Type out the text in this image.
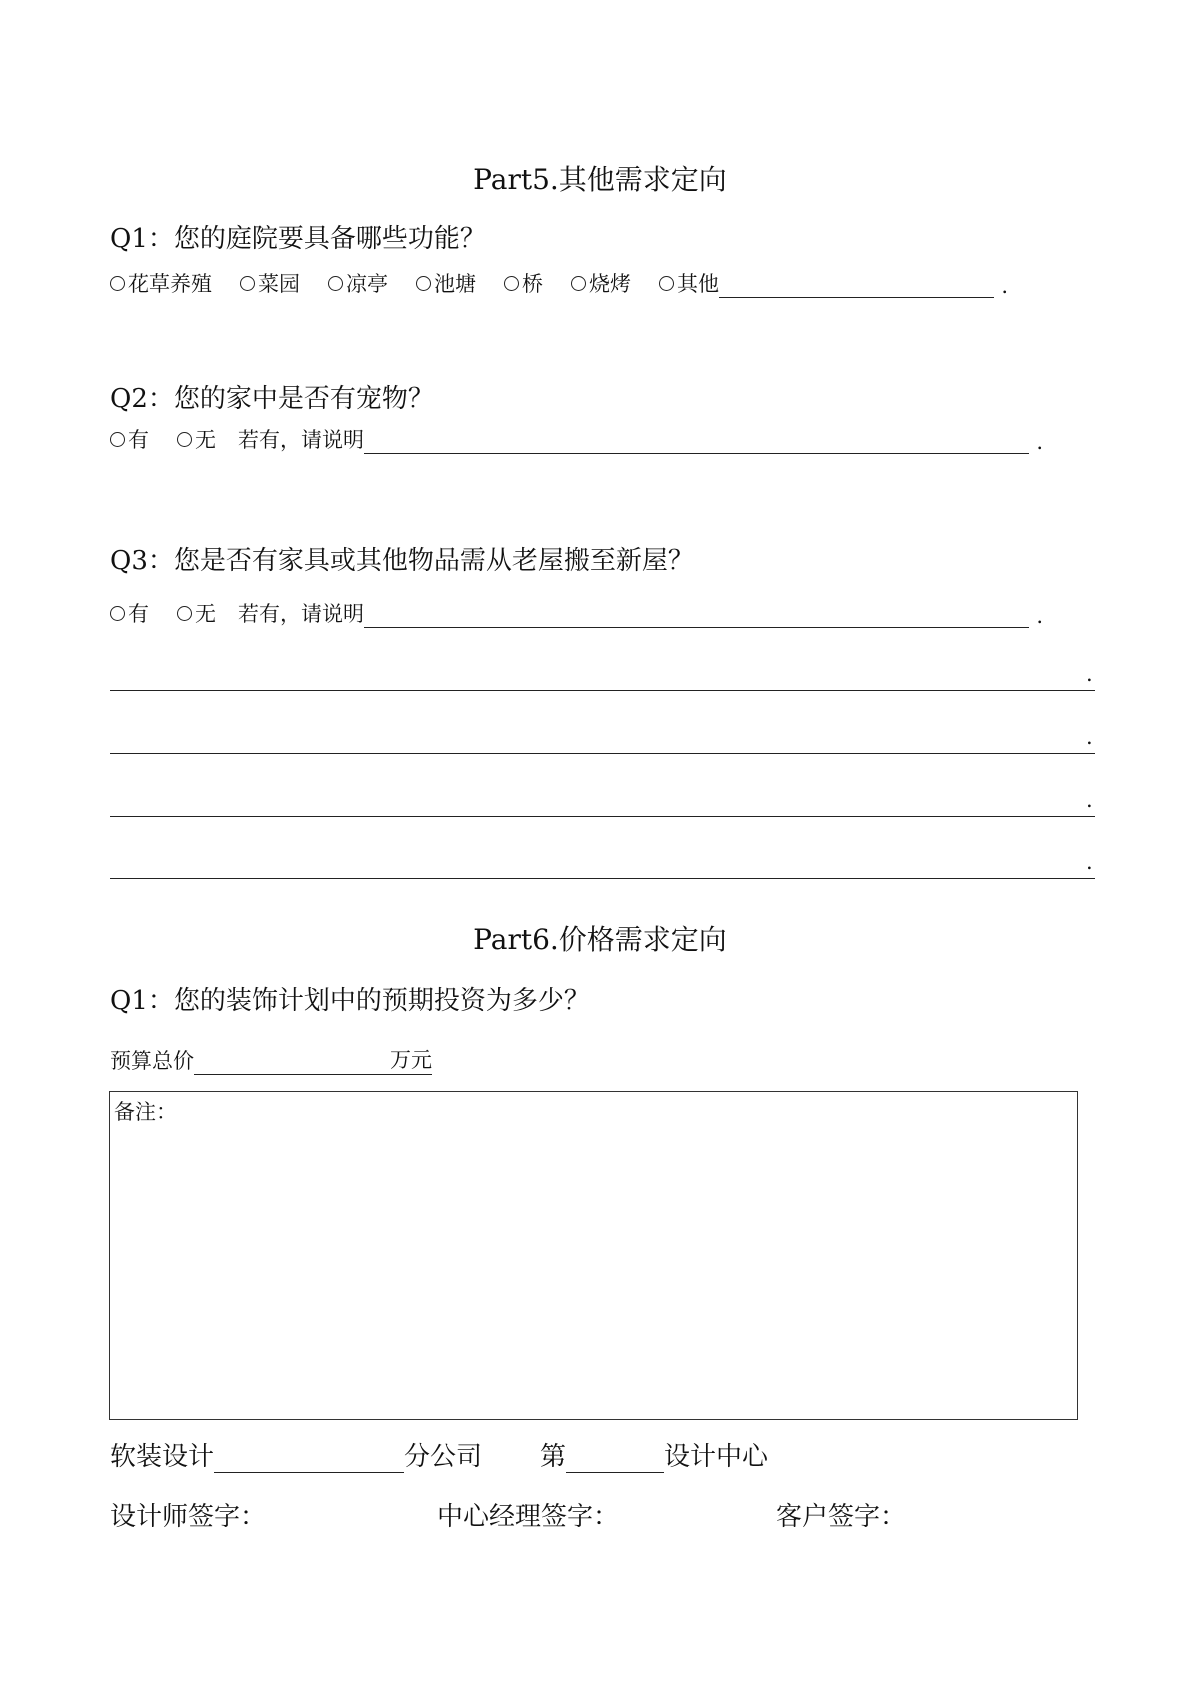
Part5.其他需求定向
Q1：您的庭院要具备哪些功能？
花草养殖 菜园 凉亭 池塘 桥 烧烤 其他	.
Q2：您的家中是否有宠物？
有 无 若有，请说明	.
Q3：您是否有家具或其他物品需从老屋搬至新屋？
有 无 若有，请说明	.
.
.
.
.
Part6.价格需求定向
Q1：您的装饰计划中的预期投资为多少？
预算总价	万元
备注：
软装设计	分公司 第	设计中心
设计师签字：	中心经理签字：	客户签字：
